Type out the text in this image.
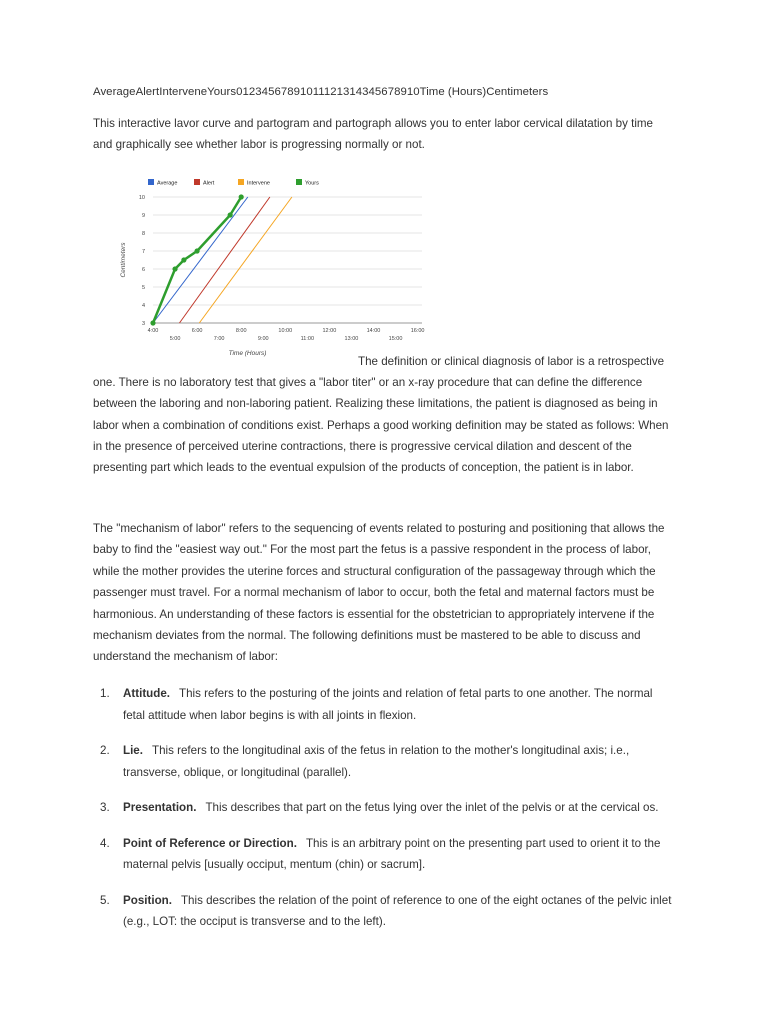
AverageAlertInterveneYours012345678910111213143456789​10Time (Hours)Centimeters
This interactive lavor curve and partogram and partograph allows you to enter labor cervical dilatation by time and graphically see whether labor is progressing normally or not.
Average	Alert	Intervene	Yours
3
4
5
6
7
8
9
10
4:00
5:00
6:00
7:00
8:00
9:00
10:00
11:00
12:00
13:00
14:00
15:00
16:00
Time (Hours)
Centimeters
The definition or clinical diagnosis of labor is a retrospective one. There is no laboratory test that gives a "labor titer" or an x-ray procedure that can define the difference between the laboring and non-laboring patient. Realizing these limitations, the patient is diagnosed as being in labor when a combination of conditions exist. Perhaps a good working definition may be stated as follows: When in the presence of perceived uterine contractions, there is progressive cervical dilation and descent of the presenting part which leads to the eventual expulsion of the products of conception, the patient is in labor.
The "mechanism of labor" refers to the sequencing of events related to posturing and positioning that allows the baby to find the "easiest way out." For the most part the fetus is a passive respondent in the process of labor, while the mother provides the uterine forces and structural configuration of the passageway through which the passenger must travel. For a normal mechanism of labor to occur, both the fetal and maternal factors must be harmonious. An understanding of these factors is essential for the obstetrician to appropriately intervene if the mechanism deviates from the normal. The following definitions must be mastered to be able to discuss and understand the mechanism of labor:
1. Attitude. This refers to the posturing of the joints and relation of fetal parts to one another. The normal fetal attitude when labor begins is with all joints in flexion.
2. Lie. This refers to the longitudinal axis of the fetus in relation to the mother's longitudinal axis; i.e., transverse, oblique, or longitudinal (parallel).
3. Presentation. This describes that part on the fetus lying over the inlet of the pelvis or at the cervical os.
4. Point of Reference or Direction. This is an arbitrary point on the presenting part used to orient it to the maternal pelvis [usually occiput, mentum (chin) or sacrum].
5. Position. This describes the relation of the point of reference to one of the eight octanes of the pelvic inlet (e.g., LOT: the occiput is transverse and to the left).
